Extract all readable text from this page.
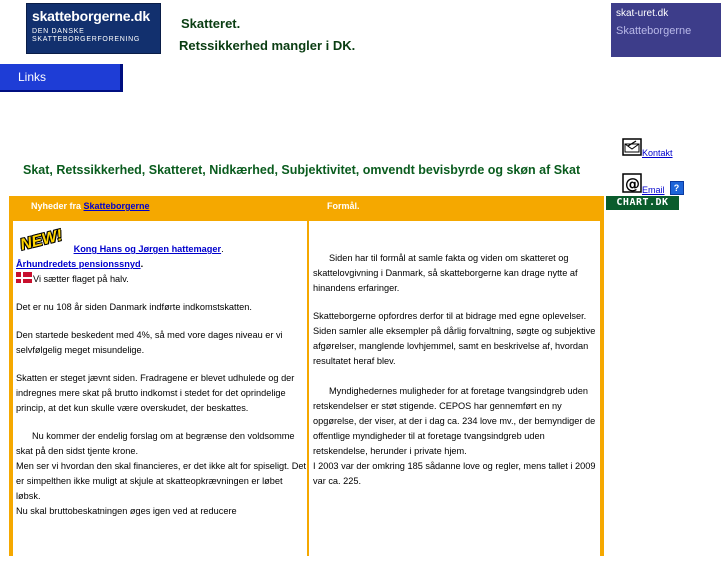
skatteborgerne.dk
DEN DANSKE
SKATTEBORGERFORENING
Skatteret.
Retssikkerhed mangler i DK.
skat-uret.dk
Skatteborgerne
Links
Kontakt
@ Email ?
CHART.DK
Skat, Retssikkerhed, Skatteret, Nidkærhed, Subjektivitet, omvendt bevisbyrde og skøn af Skat
Nyheder fra Skatteborgerne	Formål.
NEW! Kong Hans og Jørgen hattemager.
Århundredets pensionssnyd.

Vi sætter flaget på halv.

Det er nu 108 år siden Danmark indførte indkomstskatten.

Den startede beskedent med 4%, så med vore dages niveau er vi selvfølgelig meget misundelige.

Skatten er steget jævnt siden. Fradragene er blevet udhulede og der indregnes mere skat på brutto indkomst i stedet for det oprindelige princip, at det kun skulle være overskudet, der beskattes.

Nu kommer der endelig forslag om at begrænse den voldsomme skat på den sidst tjente krone.
Men ser vi hvordan den skal financieres, er det ikke alt for spiseligt. Det er simpelthen ikke muligt at skjule at skatteopkrævningen er løbet løbsk.
Nu skal bruttobeskatningen øges igen ved at reducere

Siden har til formål at samle fakta og viden om skatteret og skattelovgivning i Danmark, så skatteborgerne kan drage nytte af hinandens erfaringer.

Skatteborgerne opfordres derfor til at bidrage med egne oplevelser.
Siden samler alle eksempler på dårlig forvaltning, søgte og subjektive afgørelser, manglende lovhjemmel, samt en beskrivelse af, hvordan resultatet heraf blev.
Myndighedernes muligheder for at foretage tvangsindgreb uden retskendelser er støt stigende. CEPOS har gennemført en ny opgørelse, der viser, at der i dag ca. 234 love mv., der bemyndiger de offentlige myndigheder til at foretage tvangsindgreb uden retskendelse, herunder i private hjem.
I 2003 var der omkring 185 sådanne love og regler, mens tallet i 2009 var ca. 225.
